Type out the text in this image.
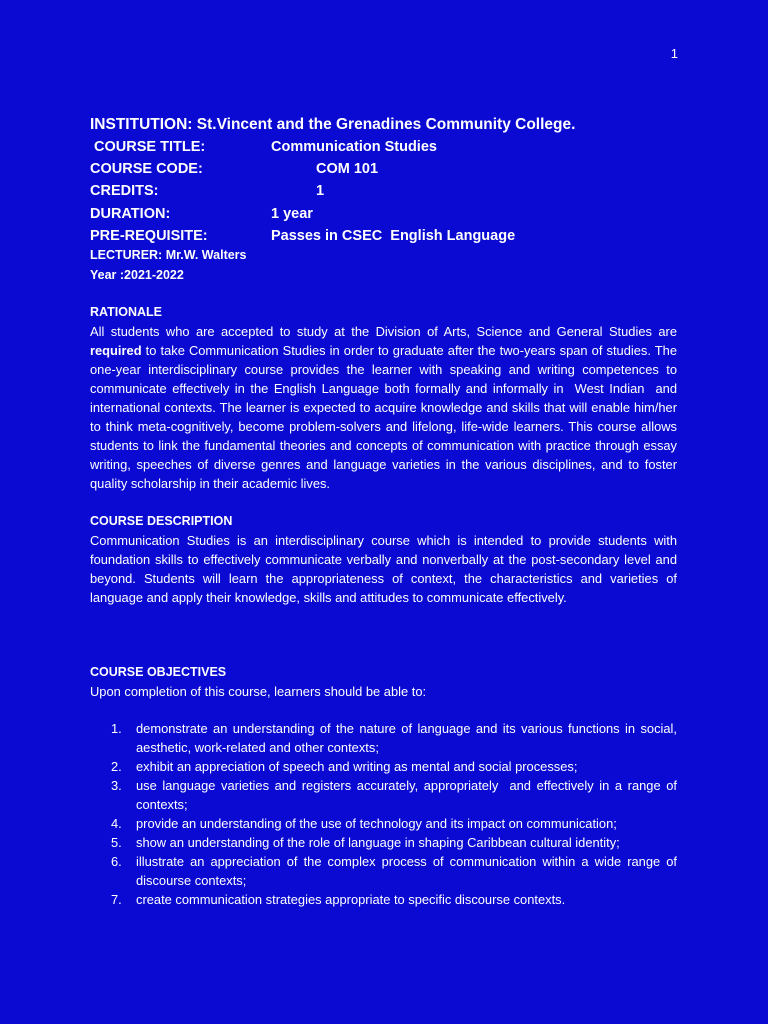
1
INSTITUTION: St.Vincent and the Grenadines Community College.
COURSE TITLE:	Communication Studies
COURSE CODE:	COM 101
CREDITS:	1
DURATION:	1 year
PRE-REQUISITE:	Passes in CSEC  English Language
LECTURER: Mr.W. Walters
Year :2021-2022
RATIONALE
All students who are accepted to study at the Division of Arts, Science and General Studies are required to take Communication Studies in order to graduate after the two-years span of studies. The one-year interdisciplinary course provides the learner with speaking and writing competences to communicate effectively in the English Language both formally and informally in  West Indian  and international contexts. The learner is expected to acquire knowledge and skills that will enable him/her to think meta-cognitively, become problem-solvers and lifelong, life-wide learners. This course allows students to link the fundamental theories and concepts of communication with practice through essay writing, speeches of diverse genres and language varieties in the various disciplines, and to foster quality scholarship in their academic lives.
COURSE DESCRIPTION
Communication Studies is an interdisciplinary course which is intended to provide students with foundation skills to effectively communicate verbally and nonverbally at the post-secondary level and beyond. Students will learn the appropriateness of context, the characteristics and varieties of language and apply their knowledge, skills and attitudes to communicate effectively.
COURSE OBJECTIVES
Upon completion of this course, learners should be able to:
1. demonstrate an understanding of the nature of language and its various functions in social, aesthetic, work-related and other contexts;
2. exhibit an appreciation of speech and writing as mental and social processes;
3. use language varieties and registers accurately, appropriately  and effectively in a range of contexts;
4. provide an understanding of the use of technology and its impact on communication;
5. show an understanding of the role of language in shaping Caribbean cultural identity;
6. illustrate an appreciation of the complex process of communication within a wide range of discourse contexts;
7. create communication strategies appropriate to specific discourse contexts.
